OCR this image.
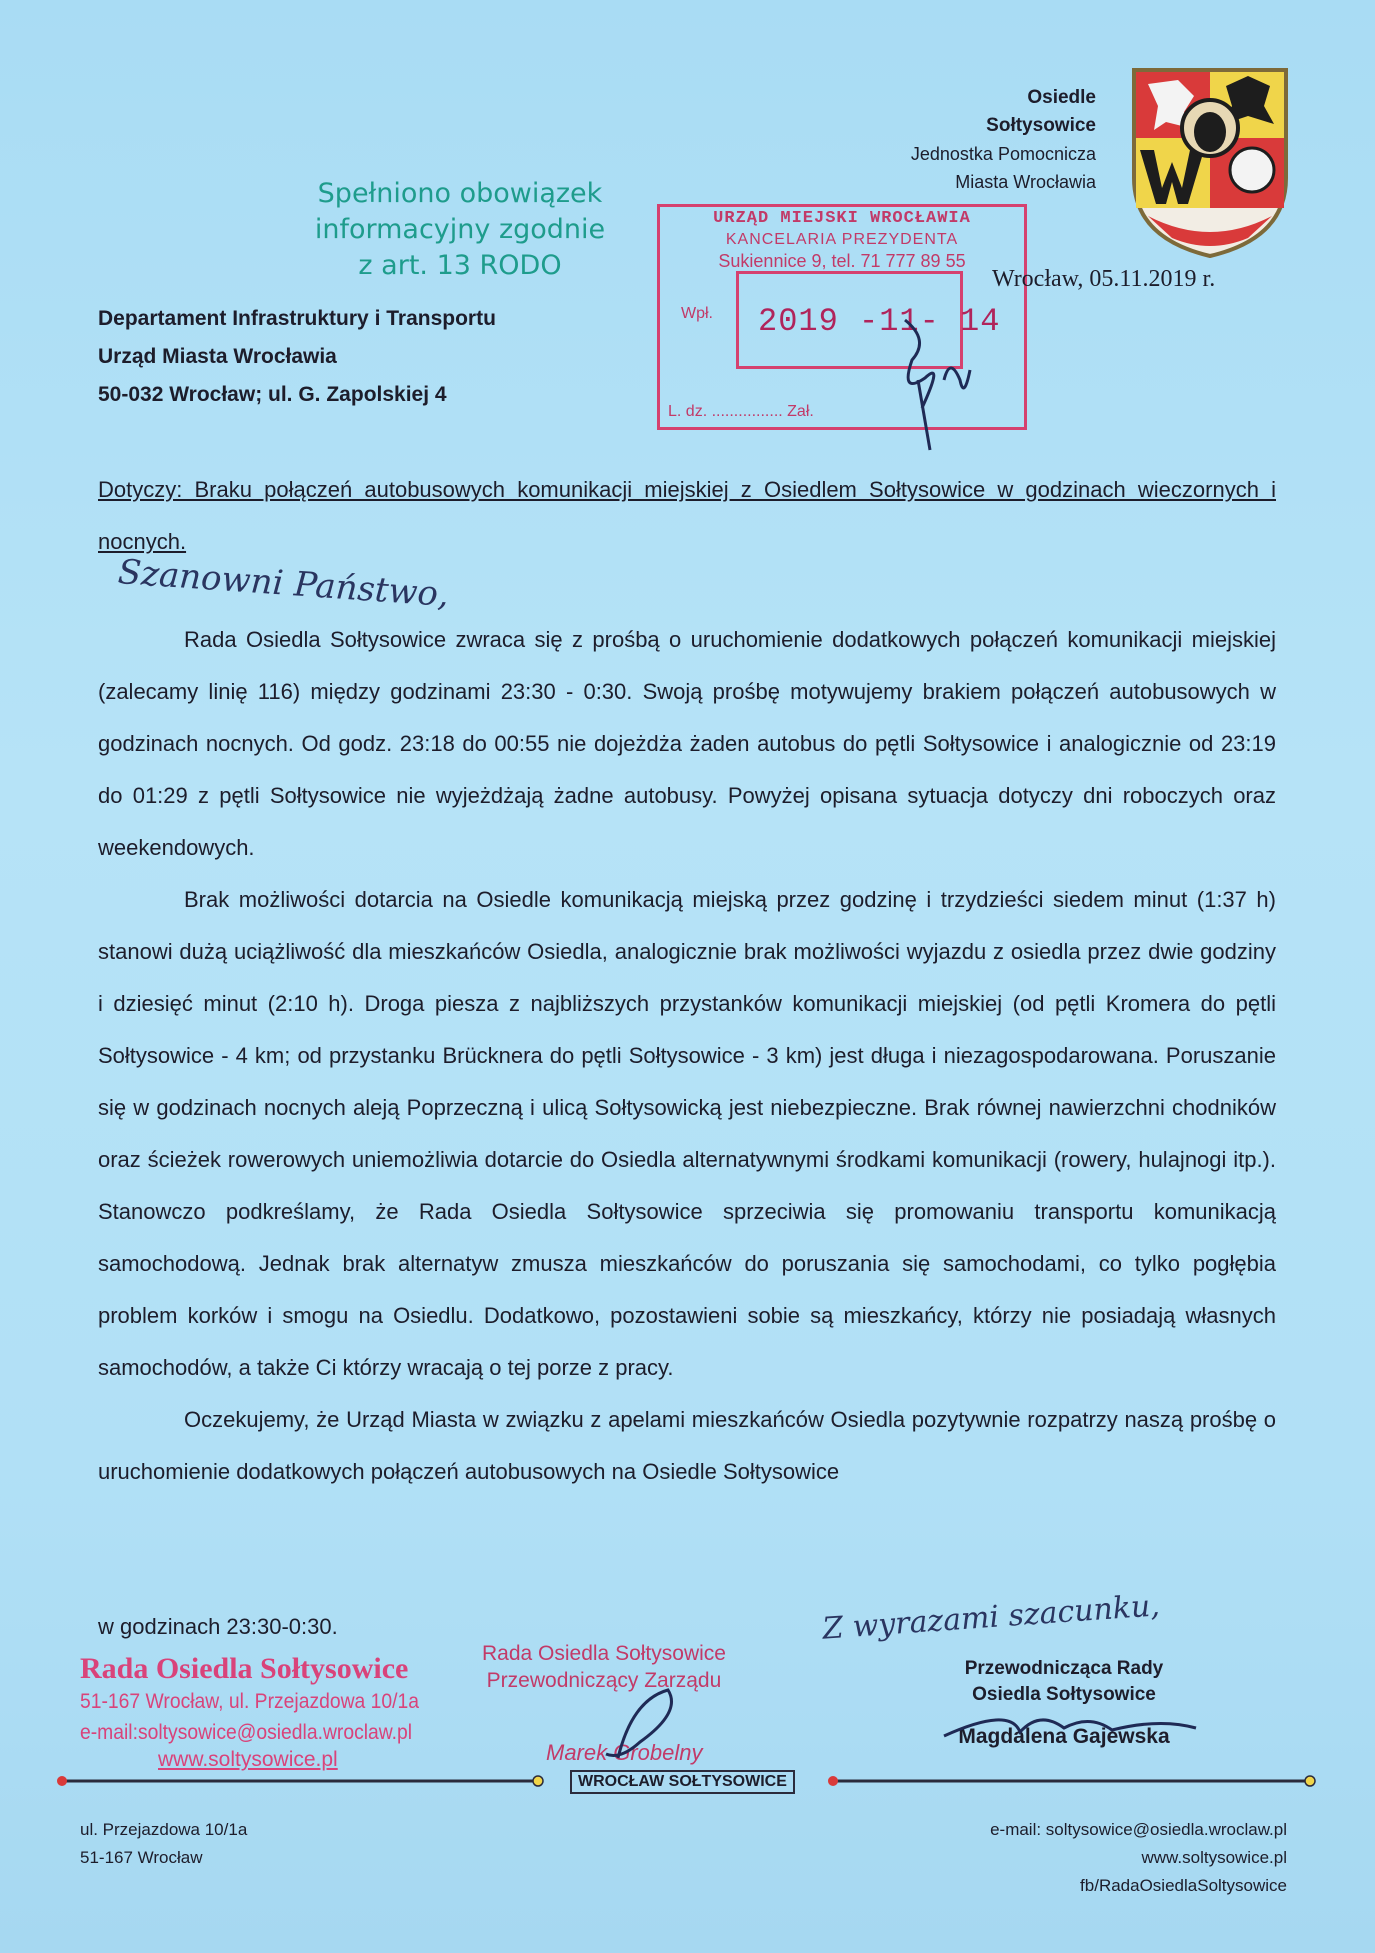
Osiedle
Sołtysowice
Jednostka Pomocnicza
Miasta Wrocławia
Spełniono obowiązek
informacyjny zgodnie
z art. 13 RODO
URZĄD MIEJSKI WROCŁAWIA
KANCELARIA PREZYDENTA
Sukiennice 9, tel. 71 777 89 55
Wpł. 2019 -11- 14
L. dz. ................ Zał.
Wrocław, 05.11.2019 r.
Departament Infrastruktury i Transportu
Urząd Miasta Wrocławia
50-032 Wrocław; ul. G. Zapolskiej 4
Dotyczy: Braku połączeń autobusowych komunikacji miejskiej z Osiedlem Sołtysowice w godzinach wieczornych i nocnych.
Szanowni Państwo,

Rada Osiedla Sołtysowice zwraca się z prośbą o uruchomienie dodatkowych połączeń komunikacji miejskiej (zalecamy linię 116) między godzinami 23:30 - 0:30. Swoją prośbę motywujemy brakiem połączeń autobusowych w godzinach nocnych. Od godz. 23:18 do 00:55 nie dojeżdża żaden autobus do pętli Sołtysowice i analogicznie od 23:19 do 01:29 z pętli Sołtysowice nie wyjeżdżają żadne autobusy. Powyżej opisana sytuacja dotyczy dni roboczych oraz weekendowych.

Brak możliwości dotarcia na Osiedle komunikacją miejską przez godzinę i trzydzieści siedem minut (1:37 h) stanowi dużą uciążliwość dla mieszkańców Osiedla, analogicznie brak możliwości wyjazdu z osiedla przez dwie godziny i dziesięć minut (2:10 h). Droga piesza z najbliższych przystanków komunikacji miejskiej (od pętli Kromera do pętli Sołtysowice - 4 km; od przystanku Brücknera do pętli Sołtysowice - 3 km) jest długa i niezagospodarowana. Poruszanie się w godzinach nocnych aleją Poprzeczną i ulicą Sołtysowicką jest niebezpieczne. Brak równej nawierzchni chodników oraz ścieżek rowerowych uniemożliwia dotarcie do Osiedla alternatywnymi środkami komunikacji (rowery, hulajnogi itp.). Stanowczo podkreślamy, że Rada Osiedla Sołtysowice sprzeciwia się promowaniu transportu komunikacją samochodową. Jednak brak alternatyw zmusza mieszkańców do poruszania się samochodami, co tylko pogłębia problem korków i smogu na Osiedlu. Dodatkowo, pozostawieni sobie są mieszkańcy, którzy nie posiadają własnych samochodów, a także Ci którzy wracają o tej porze z pracy.

Oczekujemy, że Urząd Miasta w związku z apelami mieszkańców Osiedla pozytywnie rozpatrzy naszą prośbę o uruchomienie dodatkowych połączeń autobusowych na Osiedle Sołtysowice

w godzinach 23:30-0:30.	Z wyrazami szacunku,
Rada Osiedla Sołtysowice
51-167 Wrocław, ul. Przejazdowa 10/1a
e-mail:soltysowice@osiedla.wroclaw.pl
www.soltysowice.pl
Rada Osiedla Sołtysowice
Przewodniczący Zarządu
Marek Grobelny
WROCŁAW SOŁTYSOWICE
Przewodnicząca Rady
Osiedla Sołtysowice
Magdalena Gajewska
ul. Przejazdowa 10/1a
51-167 Wrocław
e-mail: soltysowice@osiedla.wroclaw.pl
www.soltysowice.pl
fb/RadaOsiedlaSoltysowice
